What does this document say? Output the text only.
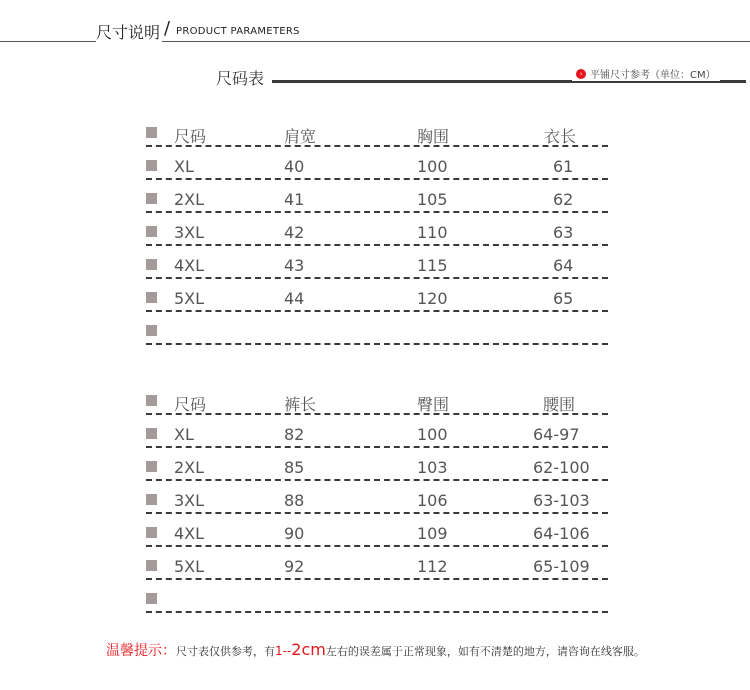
尺寸说明 / PRODUCT PARAMETERS
尺码表	› 平铺尺寸参考（单位：CM）
尺码	肩宽	胸围	衣长
XL	40	100	61
2XL	41	105	62
3XL	42	110	63
4XL	43	115	64
5XL	44	120	65
尺码	裤长	臀围	腰围
XL	82	100	64-97
2XL	85	103	62-100
3XL	88	106	63-103
4XL	90	109	64-106
5XL	92	112	65-109
温馨提示：尺寸表仅供参考，有1--2cm左右的误差属于正常现象，如有不清楚的地方，请咨询在线客服。
